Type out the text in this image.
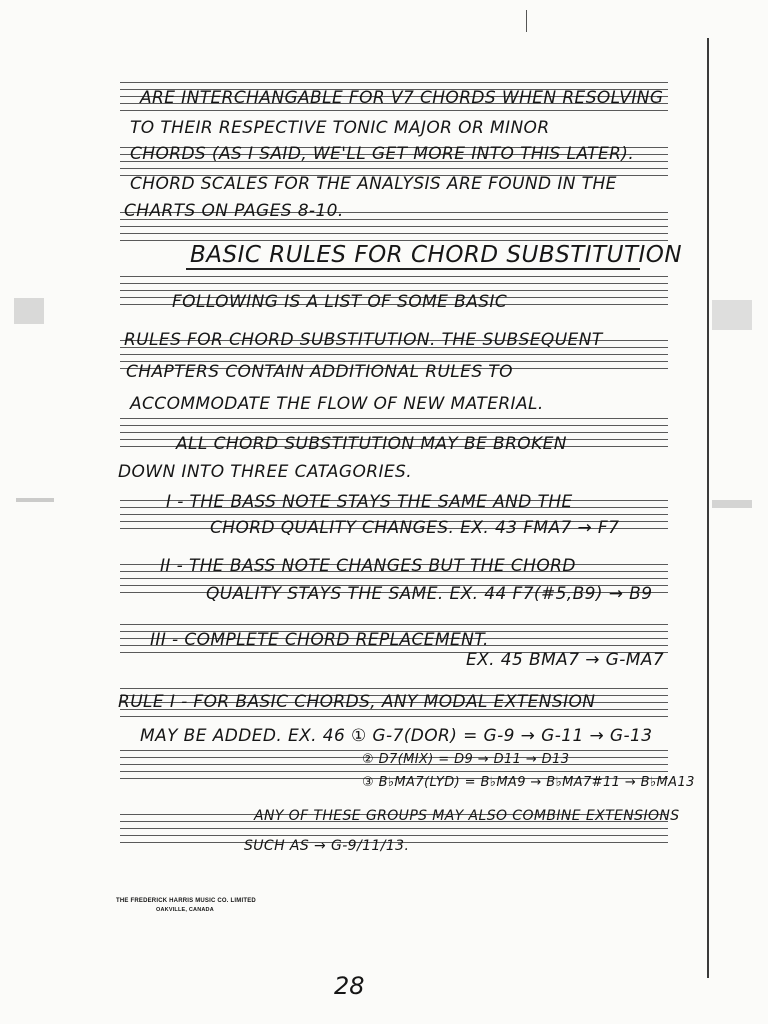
ARE INTERCHANGABLE FOR V7 CHORDS WHEN RESOLVING
TO THEIR RESPECTIVE TONIC MAJOR OR MINOR
CHORDS (AS I SAID, WE'LL GET MORE INTO THIS LATER).
CHORD SCALES FOR THE ANALYSIS ARE FOUND IN THE
CHARTS ON PAGES 8-10.
BASIC RULES FOR CHORD SUBSTITUTION
FOLLOWING IS A LIST OF SOME BASIC
RULES FOR CHORD SUBSTITUTION. THE SUBSEQUENT
CHAPTERS CONTAIN ADDITIONAL RULES TO
ACCOMMODATE THE FLOW OF NEW MATERIAL.
ALL CHORD SUBSTITUTION MAY BE BROKEN
DOWN INTO THREE CATAGORIES.
I - THE BASS NOTE STAYS THE SAME AND THE
CHORD QUALITY CHANGES. EX. 43 FMA7 → F7
II - THE BASS NOTE CHANGES BUT THE CHORD
QUALITY STAYS THE SAME. EX. 44 F7(#5,B9) → B9
III - COMPLETE CHORD REPLACEMENT.
EX. 45 BMA7 → G-MA7
RULE I - FOR BASIC CHORDS, ANY MODAL EXTENSION
MAY BE ADDED. EX. 46 ① G-7(DOR) = G-9 → G-11 → G-13
② D7(MIX) = D9 → D11 → D13
③ B♭MA7(LYD) = B♭MA9 → B♭MA7#11 → B♭MA13
ANY OF THESE GROUPS MAY ALSO COMBINE EXTENSIONS
SUCH AS → G-9/11/13.
THE FREDERICK HARRIS MUSIC CO. LIMITED
OAKVILLE, CANADA
28
